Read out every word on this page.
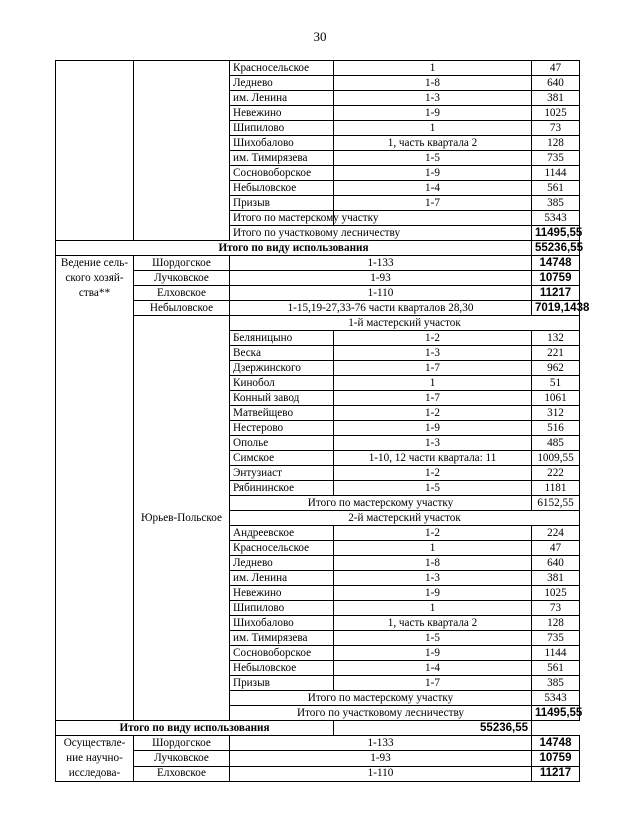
30
		Красносельское	1	47
		Леднево	1-8	640
		им. Ленина	1-3	381
		Невежино	1-9	1025
		Шипилово	1	73
		Шихобалово	1, часть квартала 2	128
		им. Тимирязева	1-5	735
		Сосновоборское	1-9	1144
		Небыловское	1-4	561
		Призыв	1-7	385
		Итого по мастерскому участку		5343
		Итого по участковому лесничеству		11495,55
Итого по виду использования				55236,55
Ведение сель-ского хозяй-ства**	Шордогское	1-133		14748
	Лучковское	1-93		10759
	Елховское	1-110		11217
	Небыловское	1-15,19-27,33-76 части кварталов 28,30		7019,1438
	Юрьев-Польское	1-й мастерский участок		
		Беляницыно	1-2	132
		Веска	1-3	221
		Дзержинского	1-7	962
		Кинобол	1	51
		Конный завод	1-7	1061
		Матвейщево	1-2	312
		Нестерово	1-9	516
		Ополье	1-3	485
		Симское	1-10, 12 части квартала: 11	1009,55
		Энтузиаст	1-2	222
		Рябининское	1-5	1181
		Итого по мастерскому участку		6152,55
		2-й мастерский участок		
		Андреевское	1-2	224
		Красносельское	1	47
		Леднево	1-8	640
		им. Ленина	1-3	381
		Невежино	1-9	1025
		Шипилово	1	73
		Шихобалово	1, часть квартала 2	128
		им. Тимирязева	1-5	735
		Сосновоборское	1-9	1144
		Небыловское	1-4	561
		Призыв	1-7	385
		Итого по мастерскому участку		5343
		Итого по участковому лесничеству		11495,55
Итого по виду использования			55236,55	
Осуществле-ние научно-исследова-	Шордогское	1-133		14748
	Лучковское	1-93		10759
	Елховское	1-110		11217
